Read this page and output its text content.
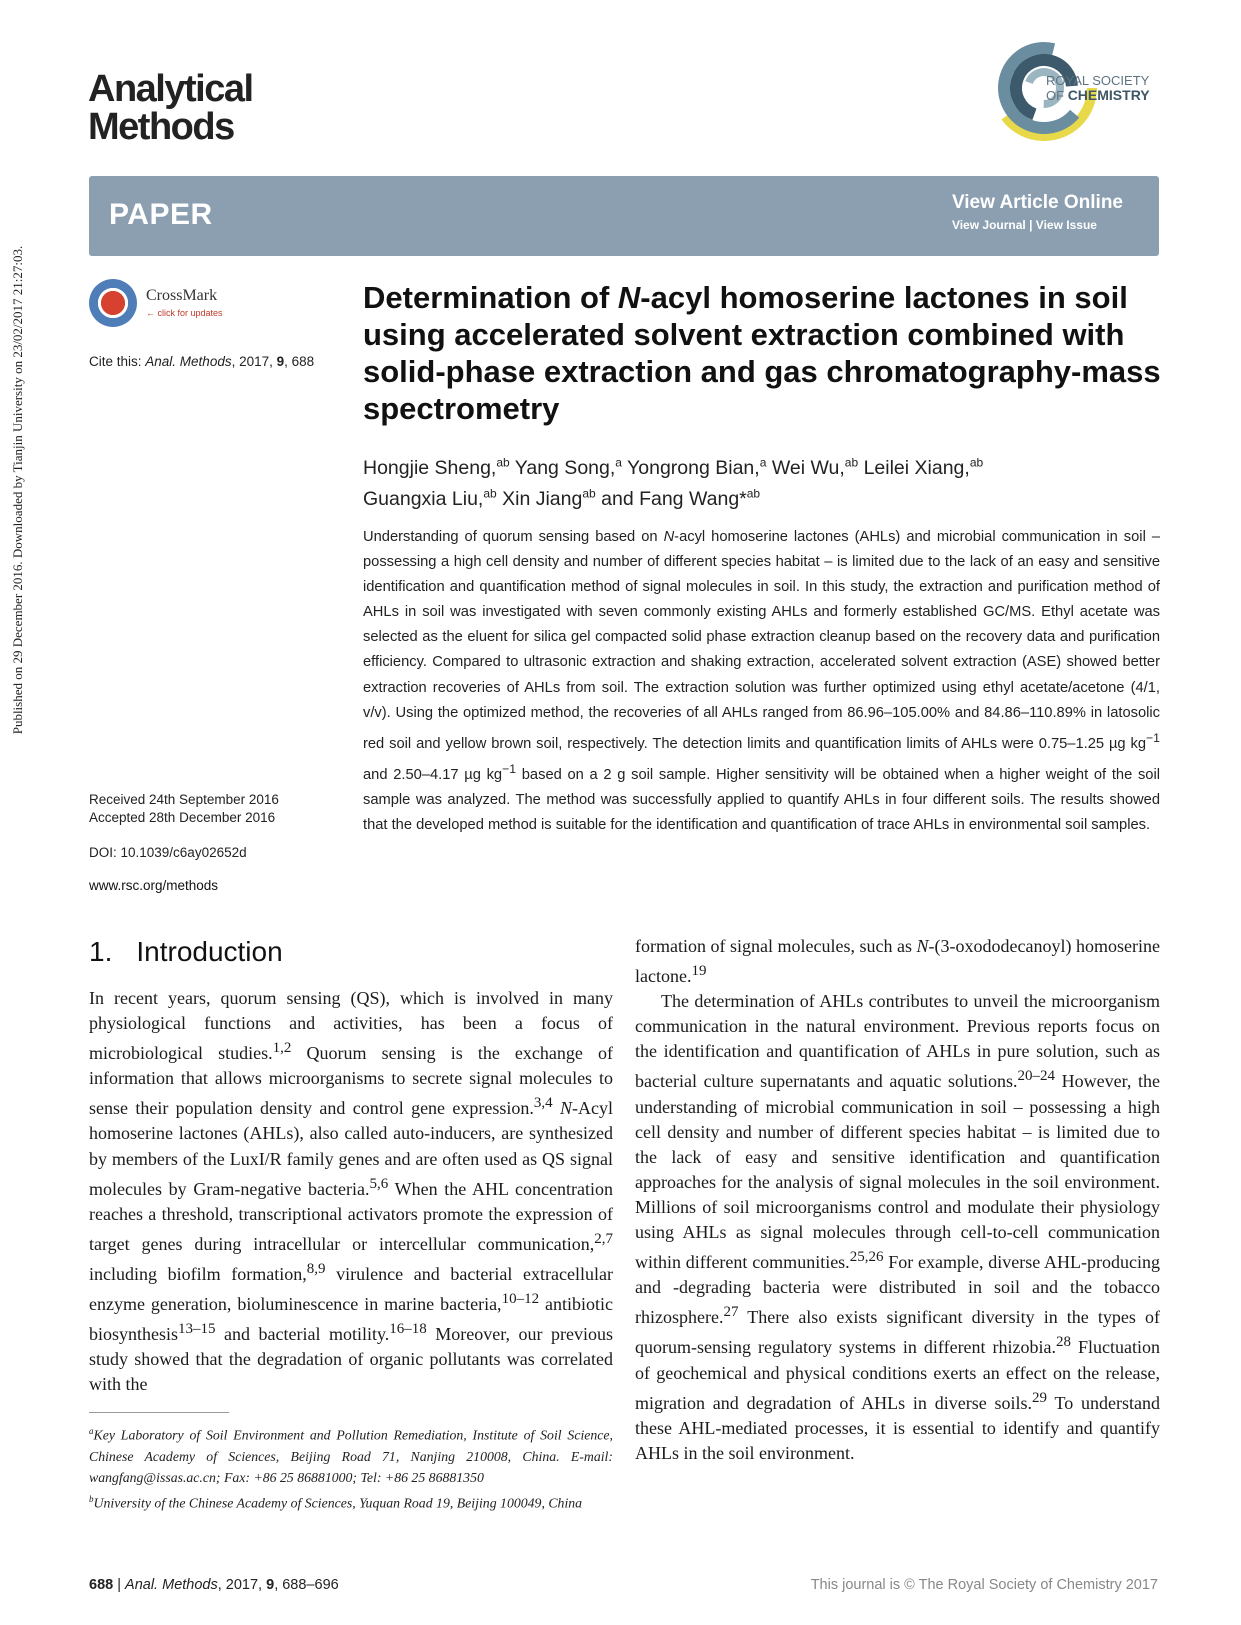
Published on 29 December 2016. Downloaded by Tianjin University on 23/02/2017 21:27:03.
Analytical
Methods
ROYAL SOCIETY
OF CHEMISTRY
PAPER	View Article Online
View Journal | View Issue
CrossMark
← click for updates
Cite this: Anal. Methods, 2017, 9, 688
Determination of N-acyl homoserine lactones in soil using accelerated solvent extraction combined with solid-phase extraction and gas chromatography-mass spectrometry
Hongjie Sheng,$^{ab}$ Yang Song,$^a$ Yongrong Bian,$^a$ Wei Wu,$^{ab}$ Leilei Xiang,$^{ab}$
Guangxia Liu,$^{ab}$ Xin Jiang$^{ab}$ and Fang Wang*$^{ab}$
Understanding of quorum sensing based on N-acyl homoserine lactones (AHLs) and microbial communication in soil – possessing a high cell density and number of different species habitat – is limited due to the lack of an easy and sensitive identification and quantification method of signal molecules in soil. In this study, the extraction and purification method of AHLs in soil was investigated with seven commonly existing AHLs and formerly established GC/MS. Ethyl acetate was selected as the eluent for silica gel compacted solid phase extraction cleanup based on the recovery data and purification efficiency. Compared to ultrasonic extraction and shaking extraction, accelerated solvent extraction (ASE) showed better extraction recoveries of AHLs from soil. The extraction solution was further optimized using ethyl acetate/acetone (4/1, v/v). Using the optimized method, the recoveries of all AHLs ranged from 86.96–105.00% and 84.86–110.89% in latosolic red soil and yellow brown soil, respectively. The detection limits and quantification limits of AHLs were 0.75–1.25 µg $kg^{-1}$ and 2.50–4.17 µg $kg^{-1}$ based on a 2 g soil sample. Higher sensitivity will be obtained when a higher weight of the soil sample was analyzed. The method was successfully applied to quantify AHLs in four different soils. The results showed that the developed method is suitable for the identification and quantification of trace AHLs in environmental soil samples.
Received 24th September 2016
Accepted 28th December 2016
DOI: 10.1039/c6ay02652d
www.rsc.org/methods
1. Introduction

In recent years, quorum sensing (QS), which is involved in many physiological functions and activities, has been a focus of microbiological studies.$^{1,2}$ Quorum sensing is the exchange of information that allows microorganisms to secrete signal molecules to sense their population density and control gene expression.$^{3,4}$ N-Acyl homoserine lactones (AHLs), also called auto-inducers, are synthesized by members of the LuxI/R family genes and are often used as QS signal molecules by Gram-negative bacteria.$^{5,6}$ When the AHL concentration reaches a threshold, transcriptional activators promote the expression of target genes during intracellular or intercellular communication,$^{2,7}$ including biofilm formation,$^{8,9}$ virulence and bacterial extracellular enzyme generation, bioluminescence in marine bacteria,$^{10-12}$ antibiotic biosynthesis$^{13-15}$ and bacterial motility.$^{16-18}$ Moreover, our previous study showed that the degradation of organic pollutants was correlated with the

formation of signal molecules, such as N-(3-oxododecanoyl) homoserine lactone.$^{19}$

The determination of AHLs contributes to unveil the microorganism communication in the natural environment. Previous reports focus on the identification and quantification of AHLs in pure solution, such as bacterial culture supernatants and aquatic solutions.$^{20-24}$ However, the understanding of microbial communication in soil – possessing a high cell density and number of different species habitat – is limited due to the lack of easy and sensitive identification and quantification approaches for the analysis of signal molecules in the soil environment. Millions of soil microorganisms control and modulate their physiology using AHLs as signal molecules through cell-to-cell communication within different communities.$^{25,26}$ For example, diverse AHL-producing and -degrading bacteria were distributed in soil and the tobacco rhizosphere.$^{27}$ There also exists significant diversity in the types of quorum-sensing regulatory systems in different rhizobia.$^{28}$ Fluctuation of geochemical and physical conditions exerts an effect on the release, migration and degradation of AHLs in diverse soils.$^{29}$ To understand these AHL-mediated processes, it is essential to identify and quantify AHLs in the soil environment.

$^a$Key Laboratory of Soil Environment and Pollution Remediation, Institute of Soil Science, Chinese Academy of Sciences, Beijing Road 71, Nanjing 210008, China. E-mail: wangfang@issas.ac.cn; Fax: +86 25 86881000; Tel: +86 25 86881350
$^b$University of the Chinese Academy of Sciences, Yuquan Road 19, Beijing 100049, China
688 | Anal. Methods, 2017, 9, 688–696	This journal is © The Royal Society of Chemistry 2017
